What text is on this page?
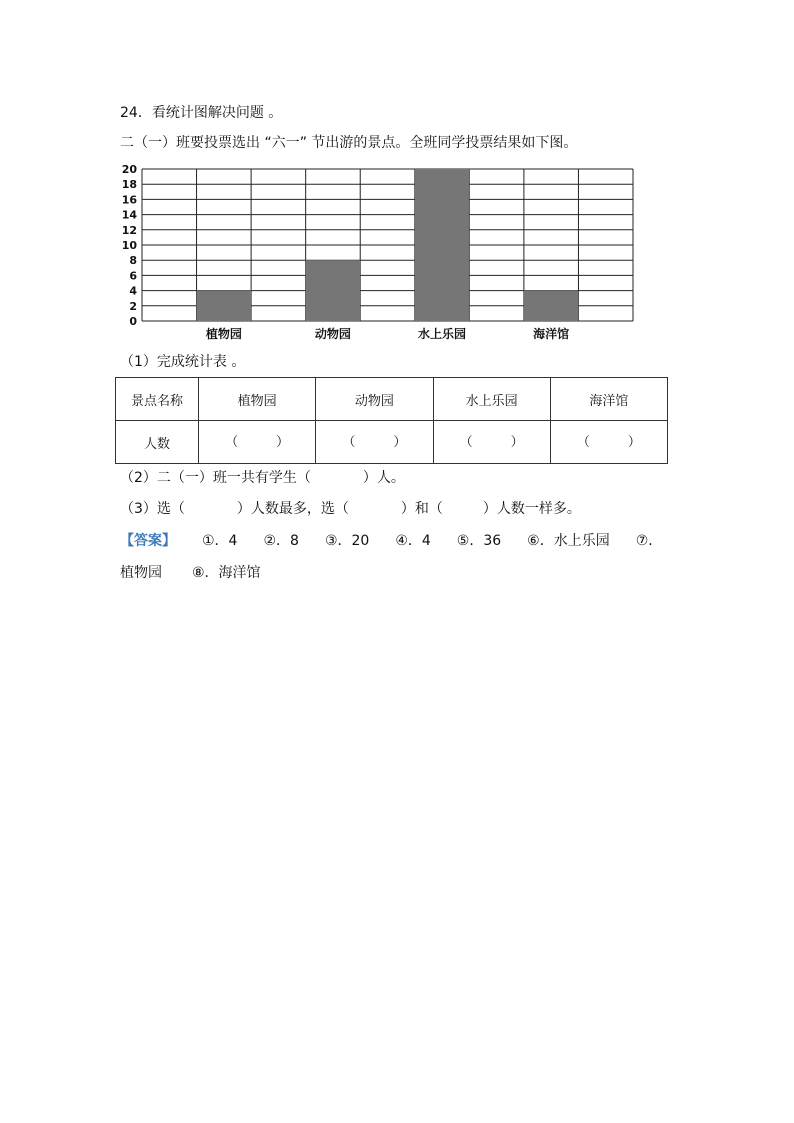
24．看统计图解决问题 。
二（一）班要投票选出 “六一” 节出游的景点。全班同学投票结果如下图。
0
2
4
6
8
10
12
14
16
18
20
植物园	动物园	水上乐园	海洋馆
（1）完成统计表 。
景点名称	植物园	动物园	水上乐园	海洋馆
人数	（ ）	（ ）	（ ）	（ ）
（2）二（一）班一共有学生（	）人。
（3）选（	）人数最多，选（	）和（	）人数一样多。
【答案】 ①．4 ②．8 ③．20 ④．4 ⑤．36 ⑥．水上乐园 ⑦．
植物园 ⑧．海洋馆
